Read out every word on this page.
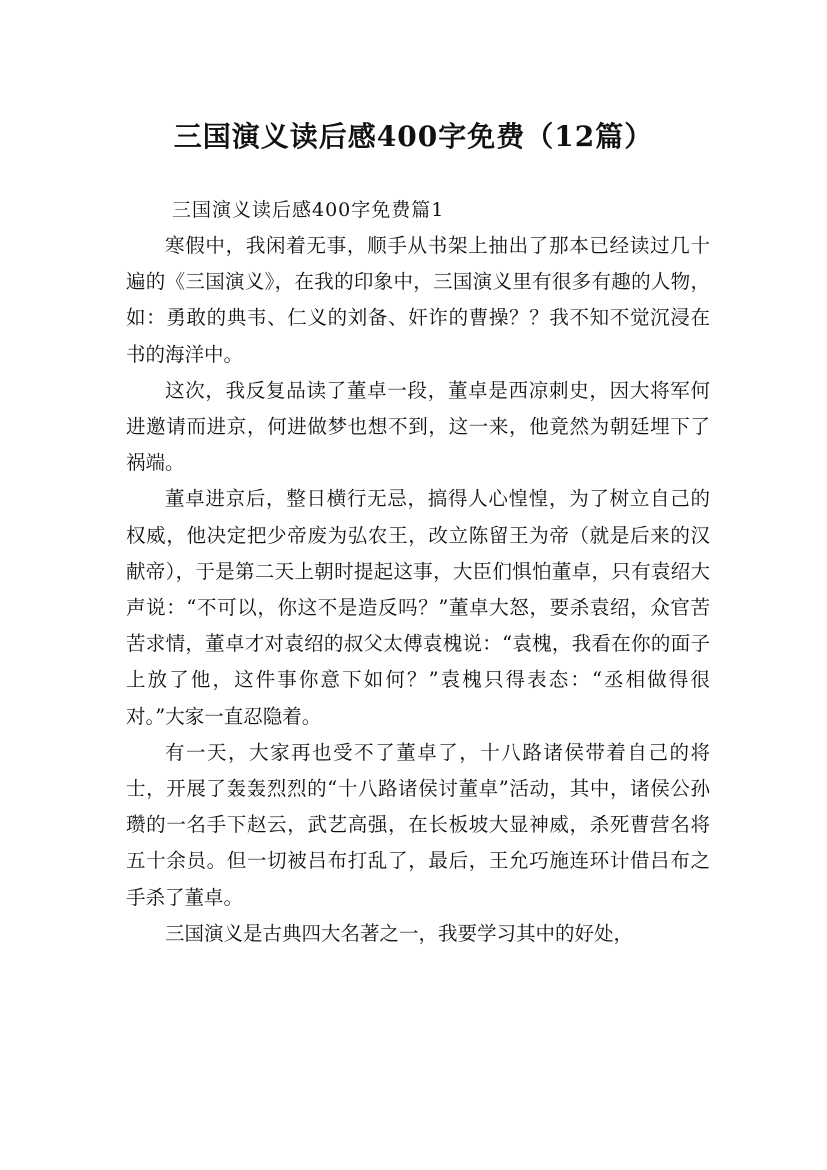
三国演义读后感400字免费（12篇）
三国演义读后感400字免费篇1

寒假中，我闲着无事，顺手从书架上抽出了那本已经读过几十遍的《三国演义》，在我的印象中，三国演义里有很多有趣的人物，如：勇敢的典韦、仁义的刘备、奸诈的曹操？？我不知不觉沉浸在书的海洋中。

这次，我反复品读了董卓一段，董卓是西凉刺史，因大将军何进邀请而进京，何进做梦也想不到，这一来，他竟然为朝廷埋下了祸端。

董卓进京后，整日横行无忌，搞得人心惶惶，为了树立自己的权威，他决定把少帝废为弘农王，改立陈留王为帝（就是后来的汉献帝），于是第二天上朝时提起这事，大臣们惧怕董卓，只有袁绍大声说：“不可以，你这不是造反吗？”董卓大怒，要杀袁绍，众官苦苦求情，董卓才对袁绍的叔父太傅袁槐说：“袁槐，我看在你的面子上放了他，这件事你意下如何？”袁槐只得表态：“丞相做得很对。”大家一直忍隐着。

有一天，大家再也受不了董卓了，十八路诸侯带着自己的将士，开展了轰轰烈烈的“十八路诸侯讨董卓”活动，其中，诸侯公孙瓒的一名手下赵云，武艺高强，在长板坡大显神威，杀死曹营名将五十余员。但一切被吕布打乱了，最后，王允巧施连环计借吕布之手杀了董卓。

三国演义是古典四大名著之一，我要学习其中的好处，
